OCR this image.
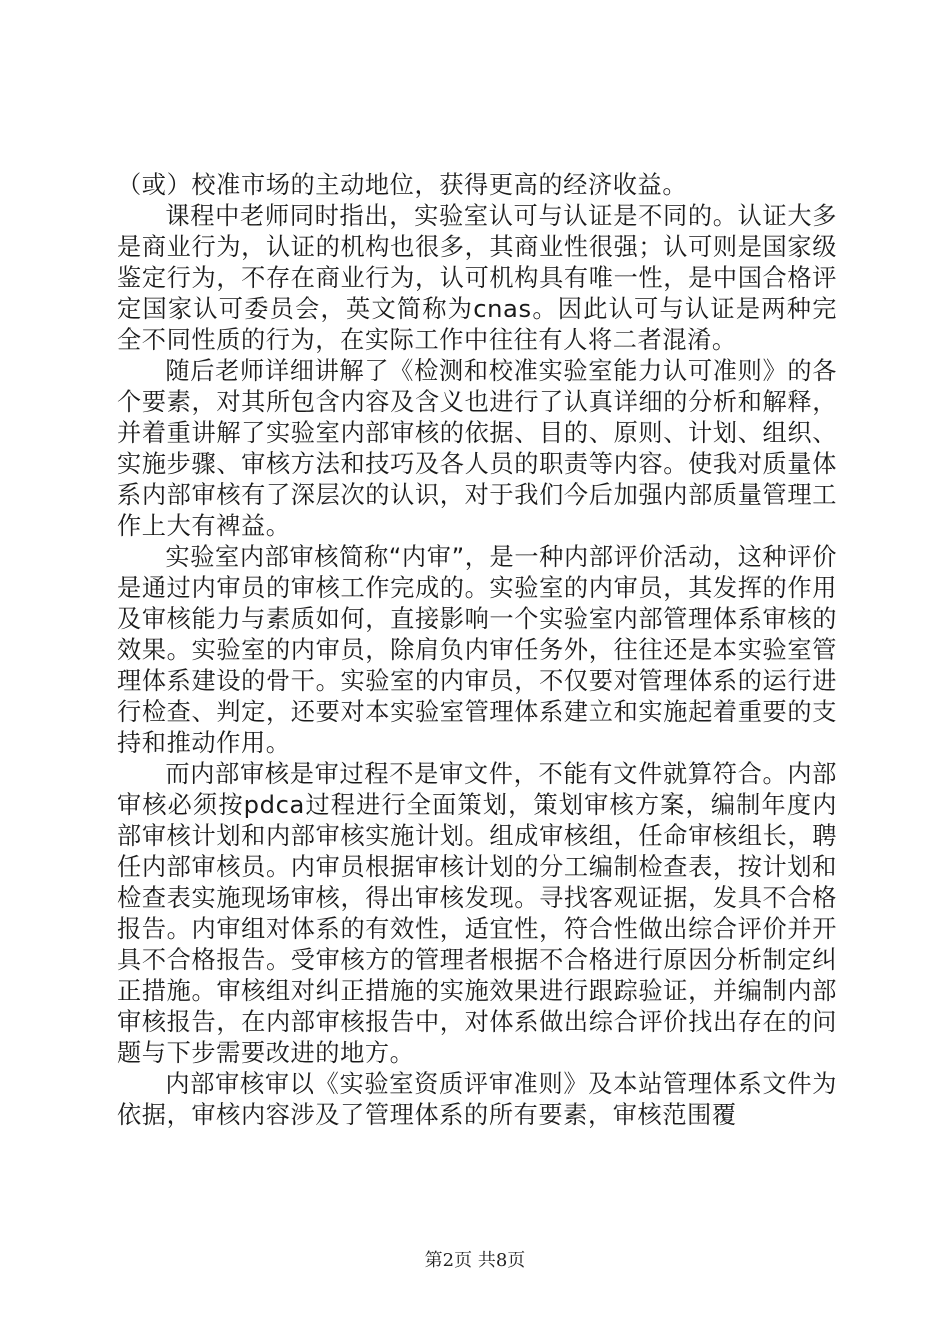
（或）校准市场的主动地位，获得更高的经济收益。

课程中老师同时指出，实验室认可与认证是不同的。认证大多是商业行为，认证的机构也很多，其商业性很强；认可则是国家级鉴定行为，不存在商业行为，认可机构具有唯一性，是中国合格评定国家认可委员会，英文简称为cnas。因此认可与认证是两种完全不同性质的行为，在实际工作中往往有人将二者混淆。

随后老师详细讲解了《检测和校准实验室能力认可准则》的各个要素，对其所包含内容及含义也进行了认真详细的分析和解释，并着重讲解了实验室内部审核的依据、目的、原则、计划、组织、实施步骤、审核方法和技巧及各人员的职责等内容。使我对质量体系内部审核有了深层次的认识，对于我们今后加强内部质量管理工作上大有裨益。

实验室内部审核简称“内审”，是一种内部评价活动，这种评价是通过内审员的审核工作完成的。实验室的内审员，其发挥的作用及审核能力与素质如何，直接影响一个实验室内部管理体系审核的效果。实验室的内审员，除肩负内审任务外，往往还是本实验室管理体系建设的骨干。实验室的内审员，不仅要对管理体系的运行进行检查、判定，还要对本实验室管理体系建立和实施起着重要的支持和推动作用。

而内部审核是审过程不是审文件，不能有文件就算符合。内部审核必须按pdca过程进行全面策划，策划审核方案，编制年度内部审核计划和内部审核实施计划。组成审核组，任命审核组长，聘任内部审核员。内审员根据审核计划的分工编制检查表，按计划和检查表实施现场审核，得出审核发现。寻找客观证据，发具不合格报告。内审组对体系的有效性，适宜性，符合性做出综合评价并开具不合格报告。受审核方的管理者根据不合格进行原因分析制定纠正措施。审核组对纠正措施的实施效果进行跟踪验证，并编制内部审核报告，在内部审核报告中，对体系做出综合评价找出存在的问题与下步需要改进的地方。

内部审核审以《实验室资质评审准则》及本站管理体系文件为依据，审核内容涉及了管理体系的所有要素，审核范围覆

第2页 共8页
